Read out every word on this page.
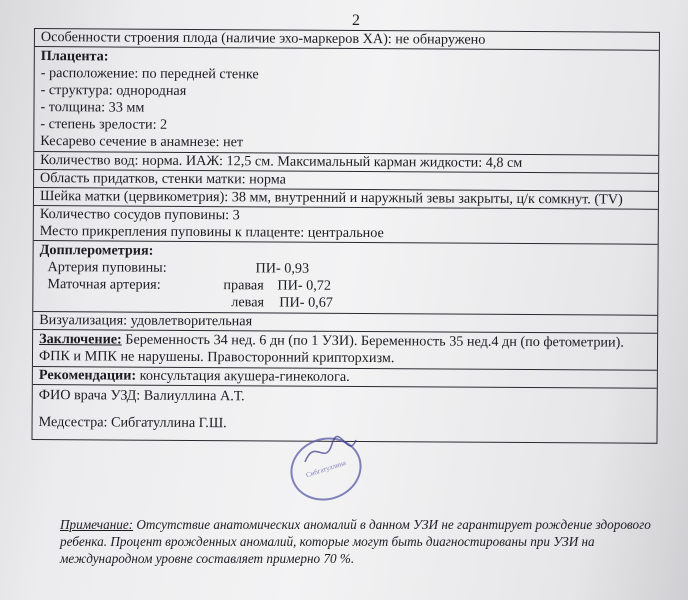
2
Особенности строения плода (наличие эхо-маркеров ХА): не обнаружено
Плацента:
- расположение: по передней стенке
- структура: однородная
- толщина: 33 мм
- степень зрелости: 2
Кесарево сечение в анамнезе: нет
Количество вод: норма. ИАЖ: 12,5 см. Максимальный карман жидкости: 4,8 см
Область придатков, стенки матки: норма
Шейка матки (цервикометрия): 38 мм, внутренний и наружный зевы закрыты, ц/к сомкнут. (TV)
Количество сосудов пуповины: 3
Место прикрепления пуповины к плаценте: центральное
Допплерометрия:
Артерия пуповины:	ПИ- 0,93
Маточная артерия:	правая ПИ- 0,72
левая	ПИ- 0,67
Визуализация: удовлетворительная
Заключение: Беременность 34 нед. 6 дн (по 1 УЗИ). Беременность 35 нед.4 дн (по фетометрии). ФПК и МПК не нарушены. Правосторонний крипторхизм.
Рекомендации: консультация акушера-гинеколога.
ФИО врача УЗД: Валиуллина А.Т.
Медсестра: Сибгатуллина Г.Ш.
Сибгатуллина
Примечание: Отсутствие анатомических аномалий в данном УЗИ не гарантирует рождение здорового ребенка. Процент врожденных аномалий, которые могут быть диагностированы при УЗИ на международном уровне составляет примерно 70 %.
